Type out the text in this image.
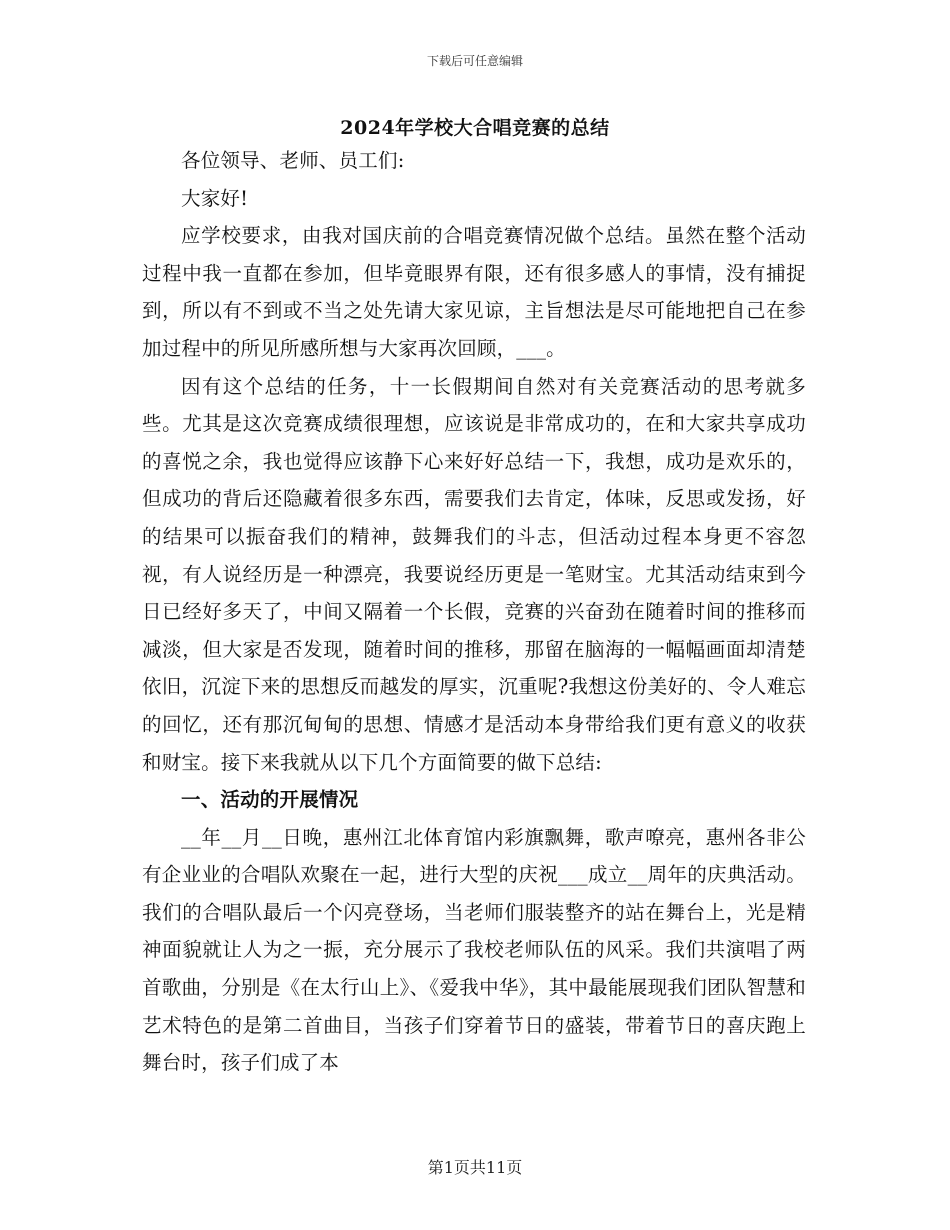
下载后可任意编辑
2024年学校大合唱竞赛的总结

各位领导、老师、员工们:

大家好!

应学校要求，由我对国庆前的合唱竞赛情况做个总结。虽然在整个活动过程中我一直都在参加，但毕竟眼界有限，还有很多感人的事情，没有捕捉到，所以有不到或不当之处先请大家见谅，主旨想法是尽可能地把自己在参加过程中的所见所感所想与大家再次回顾，___。

因有这个总结的任务，十一长假期间自然对有关竞赛活动的思考就多些。尤其是这次竞赛成绩很理想，应该说是非常成功的，在和大家共享成功的喜悦之余，我也觉得应该静下心来好好总结一下，我想，成功是欢乐的，但成功的背后还隐藏着很多东西，需要我们去肯定，体味，反思或发扬，好的结果可以振奋我们的精神，鼓舞我们的斗志，但活动过程本身更不容忽视，有人说经历是一种漂亮，我要说经历更是一笔财宝。尤其活动结束到今日已经好多天了，中间又隔着一个长假，竞赛的兴奋劲在随着时间的推移而减淡，但大家是否发现，随着时间的推移，那留在脑海的一幅幅画面却清楚依旧，沉淀下来的思想反而越发的厚实，沉重呢?我想这份美好的、令人难忘的回忆，还有那沉甸甸的思想、情感才是活动本身带给我们更有意义的收获和财宝。接下来我就从以下几个方面简要的做下总结:

一、活动的开展情况

__年__月__日晚，惠州江北体育馆内彩旗飘舞，歌声嘹亮，惠州各非公有企业业的合唱队欢聚在一起，进行大型的庆祝___成立__周年的庆典活动。我们的合唱队最后一个闪亮登场，当老师们服装整齐的站在舞台上，光是精神面貌就让人为之一振，充分展示了我校老师队伍的风采。我们共演唱了两首歌曲，分别是《在太行山上》、《爱我中华》，其中最能展现我们团队智慧和艺术特色的是第二首曲目，当孩子们穿着节日的盛装，带着节日的喜庆跑上舞台时，孩子们成了本

第1页共11页
